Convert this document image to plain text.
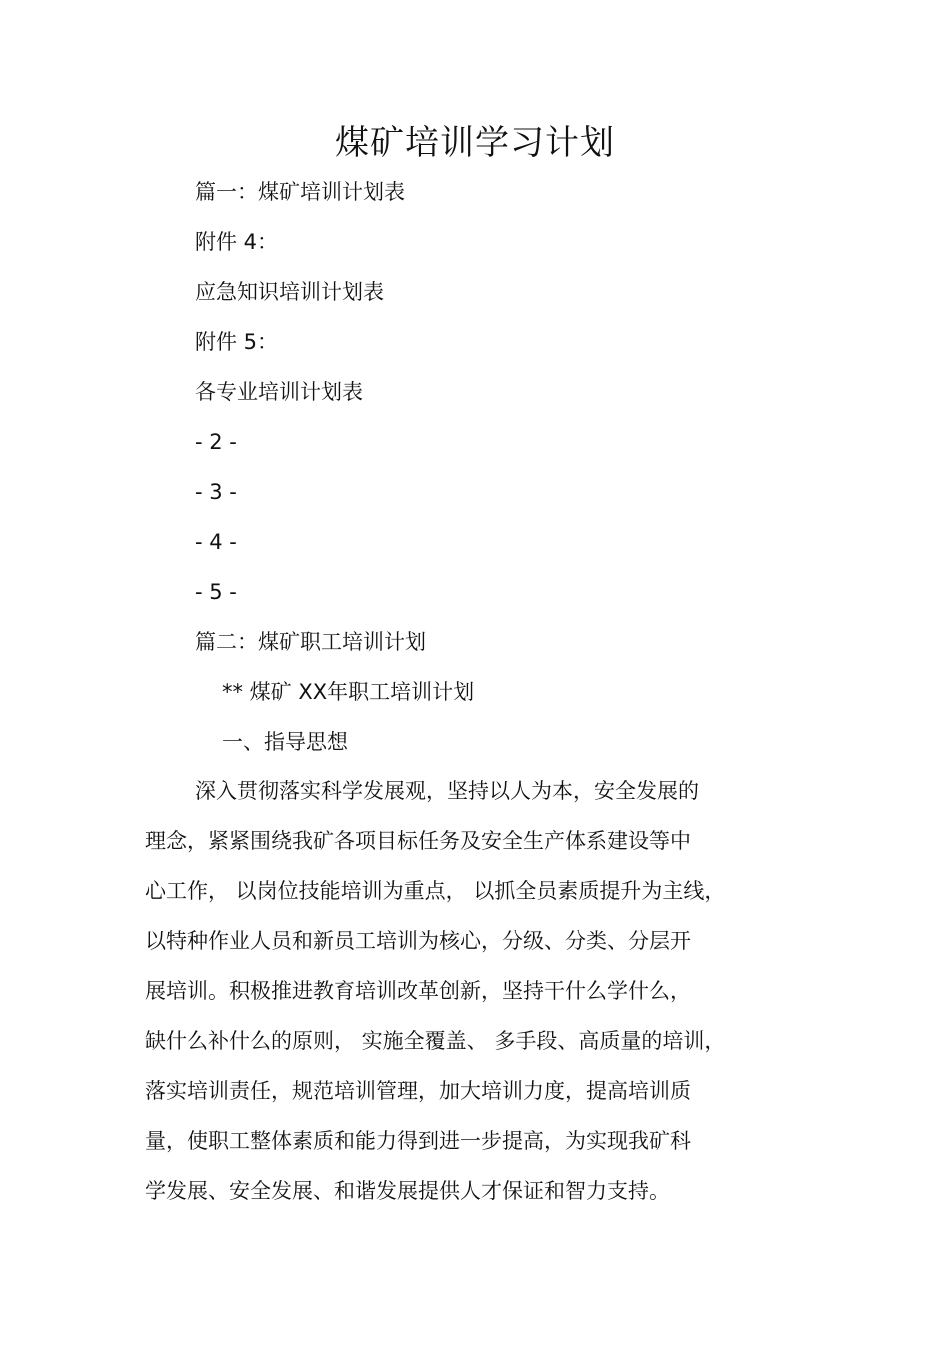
煤矿培训学习计划
篇一：煤矿培训计划表
附件 4：
应急知识培训计划表
附件 5：
各专业培训计划表
- 2 -
- 3 -
- 4 -
- 5 -
篇二：煤矿职工培训计划
** 煤矿 XX年职工培训计划
一、指导思想
深入贯彻落实科学发展观，坚持以人为本，安全发展的
理念，紧紧围绕我矿各项目标任务及安全生产体系建设等中
心工作， 以岗位技能培训为重点， 以抓全员素质提升为主线，
以特种作业人员和新员工培训为核心，分级、分类、分层开
展培训。积极推进教育培训改革创新，坚持干什么学什么，
缺什么补什么的原则， 实施全覆盖、 多手段、高质量的培训，
落实培训责任，规范培训管理，加大培训力度，提高培训质
量，使职工整体素质和能力得到进一步提高，为实现我矿科
学发展、安全发展、和谐发展提供人才保证和智力支持。
